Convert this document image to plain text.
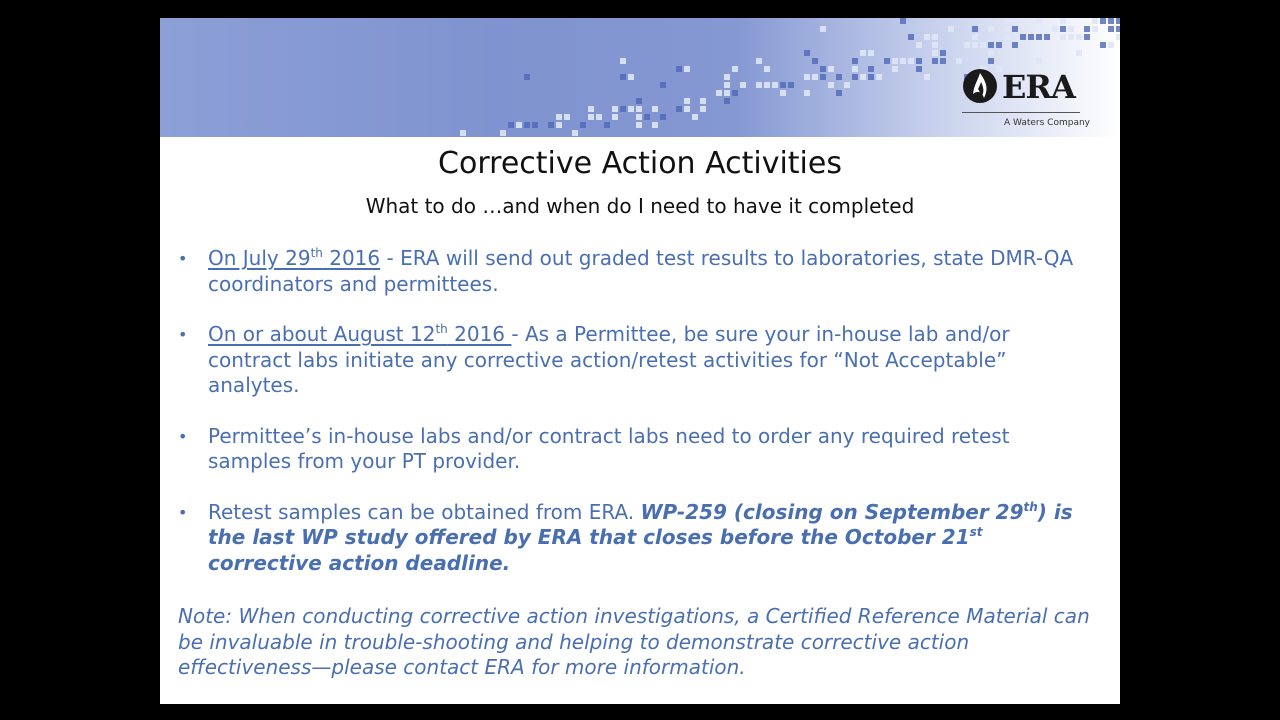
ERA
A Waters Company
Corrective Action Activities
What to do …and when do I need to have it completed
• On July 29th 2016 - ERA will send out graded test results to laboratories, state DMR-QA coordinators and permittees.
• On or about August 12th 2016 - As a Permittee, be sure your in-house lab and/or contract labs initiate any corrective action/retest activities for “Not Acceptable” analytes.
• Permittee’s in-house labs and/or contract labs need to order any required retest samples from your PT provider.
• Retest samples can be obtained from ERA. WP-259 (closing on September 29th) is the last WP study offered by ERA that closes before the October 21st corrective action deadline.
Note: When conducting corrective action investigations, a Certified Reference Material can be invaluable in trouble-shooting and helping to demonstrate corrective action effectiveness—please contact ERA for more information.
